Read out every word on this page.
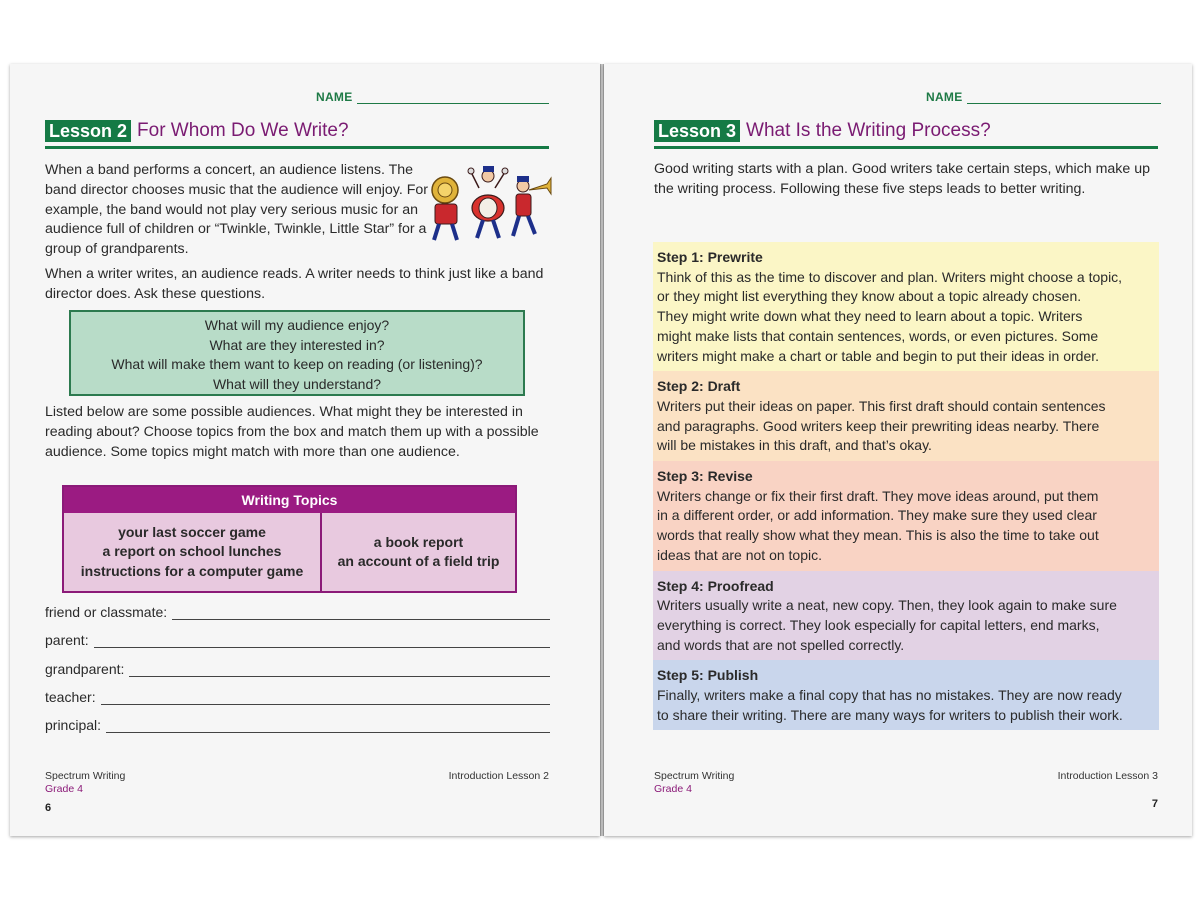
NAME
Lesson 2 For Whom Do We Write?

When a band performs a concert, an audience listens. The band director chooses music that the audience will enjoy. For example, the band would not play very serious music for an audience full of children or “Twinkle, Twinkle, Little Star” for a group of grandparents.

When a writer writes, an audience reads. A writer needs to think just like a band director does. Ask these questions.

What will my audience enjoy?
What are they interested in?
What will make them want to keep on reading (or listening)?
What will they understand?

Listed below are some possible audiences. What might they be interested in reading about? Choose topics from the box and match them up with a possible audience. Some topics might match with more than one audience.

Writing Topics
your last soccer game
a report on school lunches
instructions for a computer game
a book report
an account of a field trip
friend or classmate:
parent:
grandparent:
teacher:
principal:
Spectrum Writing
Grade 4
Introduction Lesson 2
6
NAME
Lesson 3 What Is the Writing Process?

Good writing starts with a plan. Good writers take certain steps, which make up the writing process. Following these five steps leads to better writing.

Step 1: Prewrite
Think of this as the time to discover and plan. Writers might choose a topic,
or they might list everything they know about a topic already chosen.
They might write down what they need to learn about a topic. Writers
might make lists that contain sentences, words, or even pictures. Some
writers might make a chart or table and begin to put their ideas in order.
Step 2: Draft
Writers put their ideas on paper. This first draft should contain sentences
and paragraphs. Good writers keep their prewriting ideas nearby. There
will be mistakes in this draft, and that’s okay.
Step 3: Revise
Writers change or fix their first draft. They move ideas around, put them
in a different order, or add information. They make sure they used clear
words that really show what they mean. This is also the time to take out
ideas that are not on topic.
Step 4: Proofread
Writers usually write a neat, new copy. Then, they look again to make sure
everything is correct. They look especially for capital letters, end marks,
and words that are not spelled correctly.
Step 5: Publish
Finally, writers make a final copy that has no mistakes. They are now ready
to share their writing. There are many ways for writers to publish their work.
Spectrum Writing
Grade 4
Introduction Lesson 3
7
